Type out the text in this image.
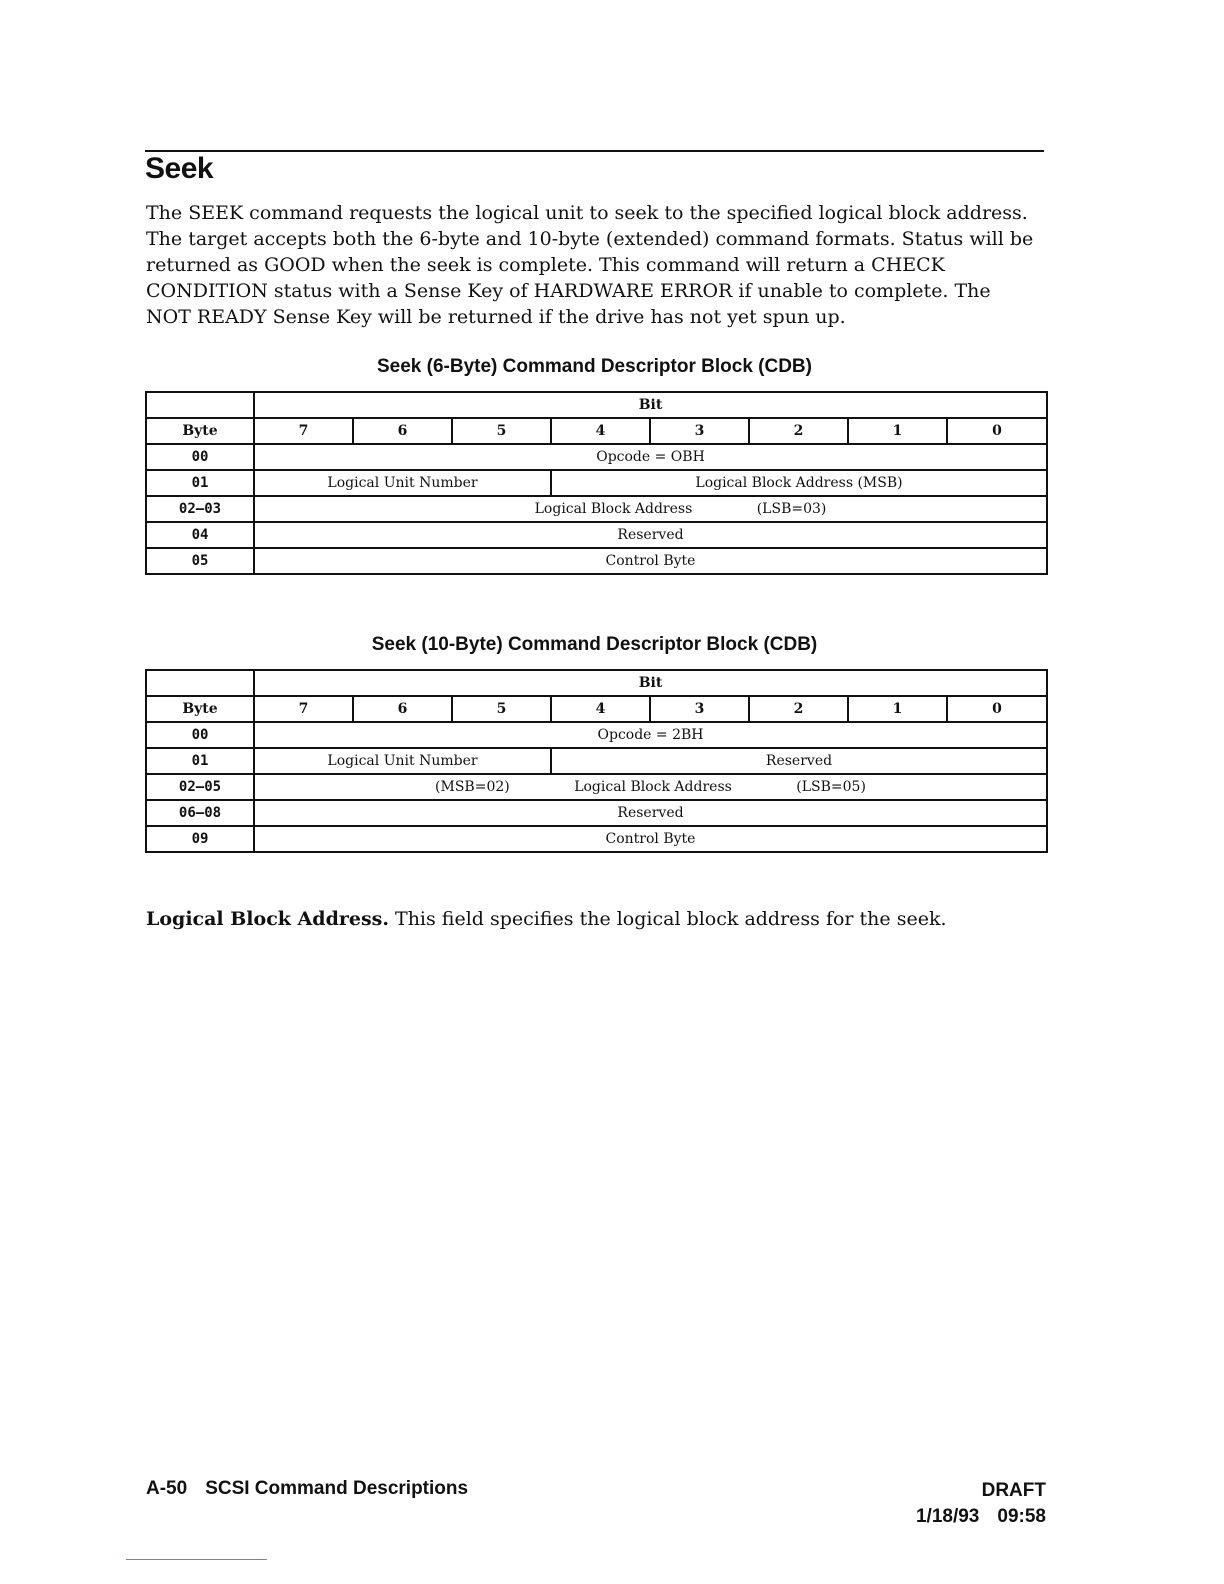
Seek

The SEEK command requests the logical unit to seek to the specified logical block address. The target accepts both the 6-byte and 10-byte (extended) command formats. Status will be returned as GOOD when the seek is complete. This command will return a CHECK CONDITION status with a Sense Key of HARDWARE ERROR if unable to complete. The NOT READY Sense Key will be returned if the drive has not yet spun up.

Seek (6-Byte) Command Descriptor Block (CDB)
	Bit							
Byte	7	6	5	4	3	2	1	0
00	Opcode = OBH							
01	Logical Unit Number			Logical Block Address (MSB)				
02—03	Logical Block Address (LSB=03)							
04	Reserved							
05	Control Byte							
Seek (10-Byte) Command Descriptor Block (CDB)
	Bit							
Byte	7	6	5	4	3	2	1	0
00	Opcode = 2BH							
01	Logical Unit Number			Reserved				
02—05	(MSB=02) Logical Block Address (LSB=05)							
06—08	Reserved							
09	Control Byte							

Logical Block Address. This field specifies the logical block address for the seek.

A-50 SCSI Command Descriptions	DRAFT
1/18/93 09:58
